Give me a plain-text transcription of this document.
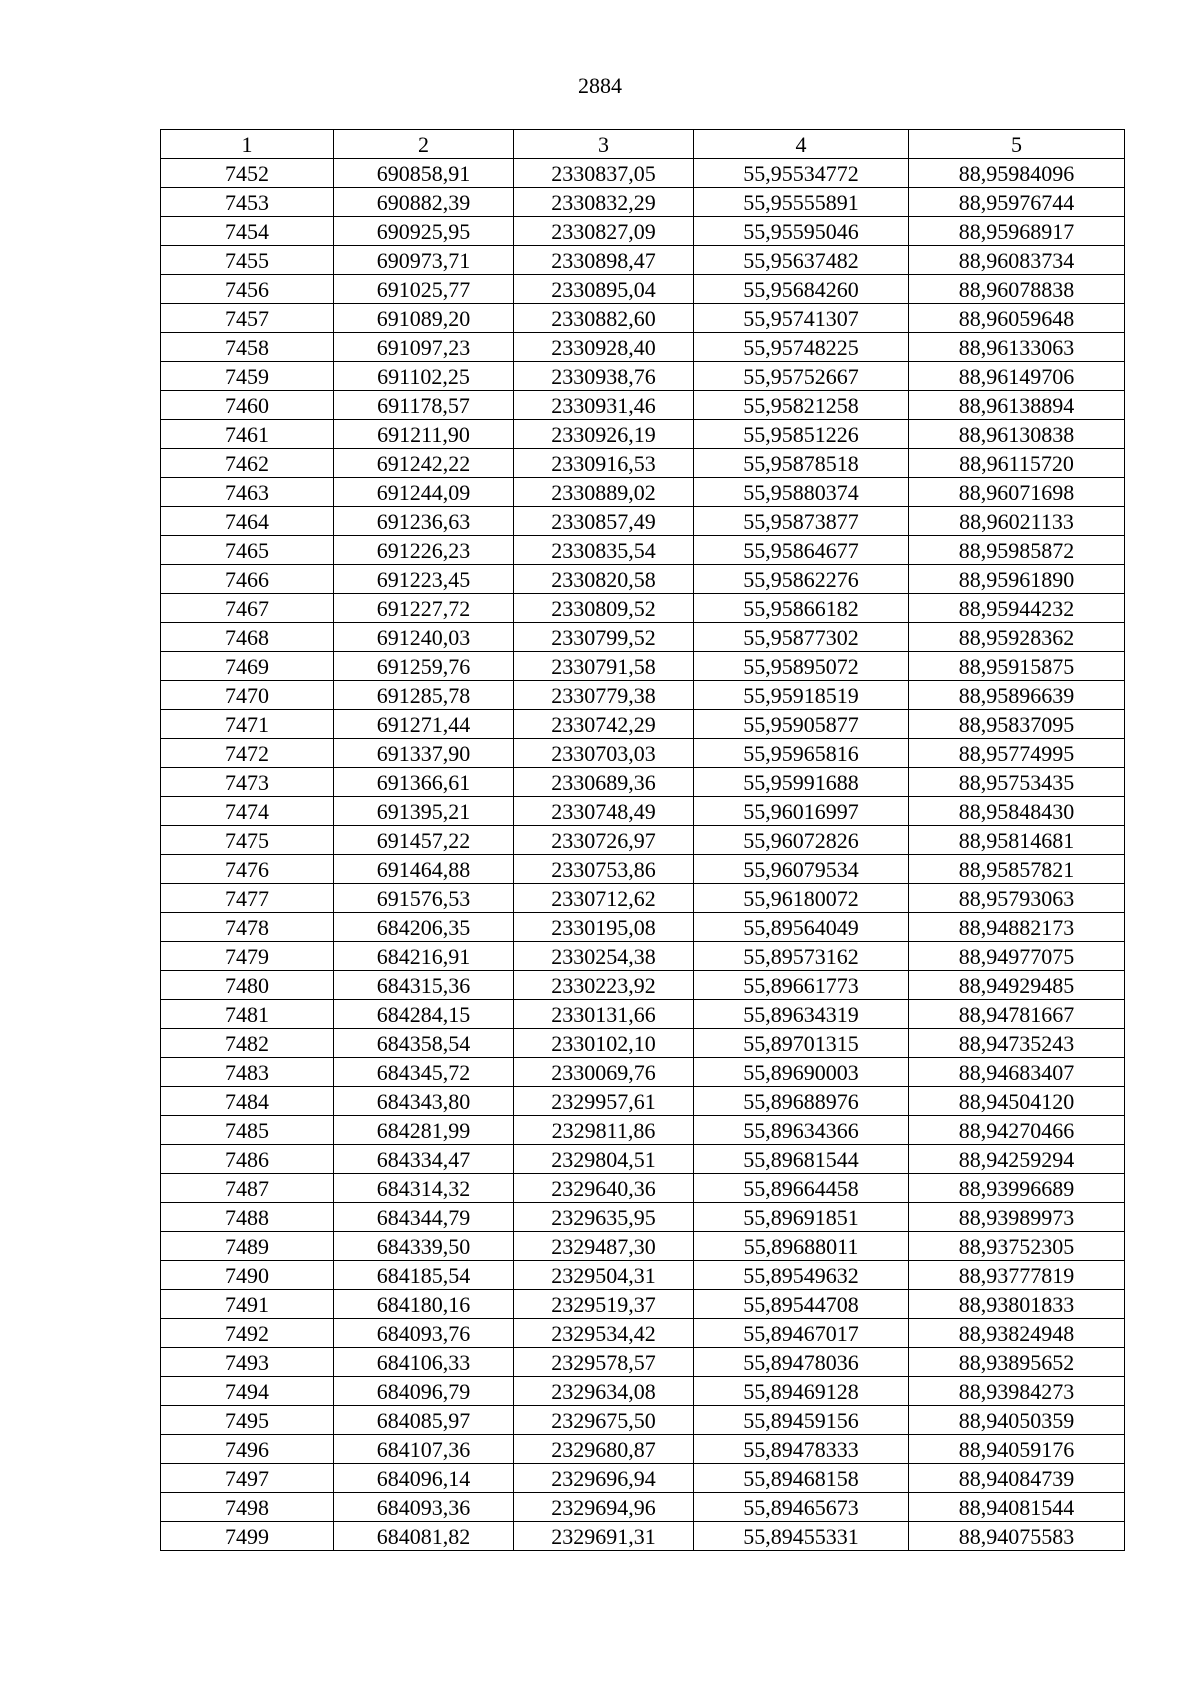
2884
1	2	3	4	5
7452	690858,91	2330837,05	55,95534772	88,95984096
7453	690882,39	2330832,29	55,95555891	88,95976744
7454	690925,95	2330827,09	55,95595046	88,95968917
7455	690973,71	2330898,47	55,95637482	88,96083734
7456	691025,77	2330895,04	55,95684260	88,96078838
7457	691089,20	2330882,60	55,95741307	88,96059648
7458	691097,23	2330928,40	55,95748225	88,96133063
7459	691102,25	2330938,76	55,95752667	88,96149706
7460	691178,57	2330931,46	55,95821258	88,96138894
7461	691211,90	2330926,19	55,95851226	88,96130838
7462	691242,22	2330916,53	55,95878518	88,96115720
7463	691244,09	2330889,02	55,95880374	88,96071698
7464	691236,63	2330857,49	55,95873877	88,96021133
7465	691226,23	2330835,54	55,95864677	88,95985872
7466	691223,45	2330820,58	55,95862276	88,95961890
7467	691227,72	2330809,52	55,95866182	88,95944232
7468	691240,03	2330799,52	55,95877302	88,95928362
7469	691259,76	2330791,58	55,95895072	88,95915875
7470	691285,78	2330779,38	55,95918519	88,95896639
7471	691271,44	2330742,29	55,95905877	88,95837095
7472	691337,90	2330703,03	55,95965816	88,95774995
7473	691366,61	2330689,36	55,95991688	88,95753435
7474	691395,21	2330748,49	55,96016997	88,95848430
7475	691457,22	2330726,97	55,96072826	88,95814681
7476	691464,88	2330753,86	55,96079534	88,95857821
7477	691576,53	2330712,62	55,96180072	88,95793063
7478	684206,35	2330195,08	55,89564049	88,94882173
7479	684216,91	2330254,38	55,89573162	88,94977075
7480	684315,36	2330223,92	55,89661773	88,94929485
7481	684284,15	2330131,66	55,89634319	88,94781667
7482	684358,54	2330102,10	55,89701315	88,94735243
7483	684345,72	2330069,76	55,89690003	88,94683407
7484	684343,80	2329957,61	55,89688976	88,94504120
7485	684281,99	2329811,86	55,89634366	88,94270466
7486	684334,47	2329804,51	55,89681544	88,94259294
7487	684314,32	2329640,36	55,89664458	88,93996689
7488	684344,79	2329635,95	55,89691851	88,93989973
7489	684339,50	2329487,30	55,89688011	88,93752305
7490	684185,54	2329504,31	55,89549632	88,93777819
7491	684180,16	2329519,37	55,89544708	88,93801833
7492	684093,76	2329534,42	55,89467017	88,93824948
7493	684106,33	2329578,57	55,89478036	88,93895652
7494	684096,79	2329634,08	55,89469128	88,93984273
7495	684085,97	2329675,50	55,89459156	88,94050359
7496	684107,36	2329680,87	55,89478333	88,94059176
7497	684096,14	2329696,94	55,89468158	88,94084739
7498	684093,36	2329694,96	55,89465673	88,94081544
7499	684081,82	2329691,31	55,89455331	88,94075583
